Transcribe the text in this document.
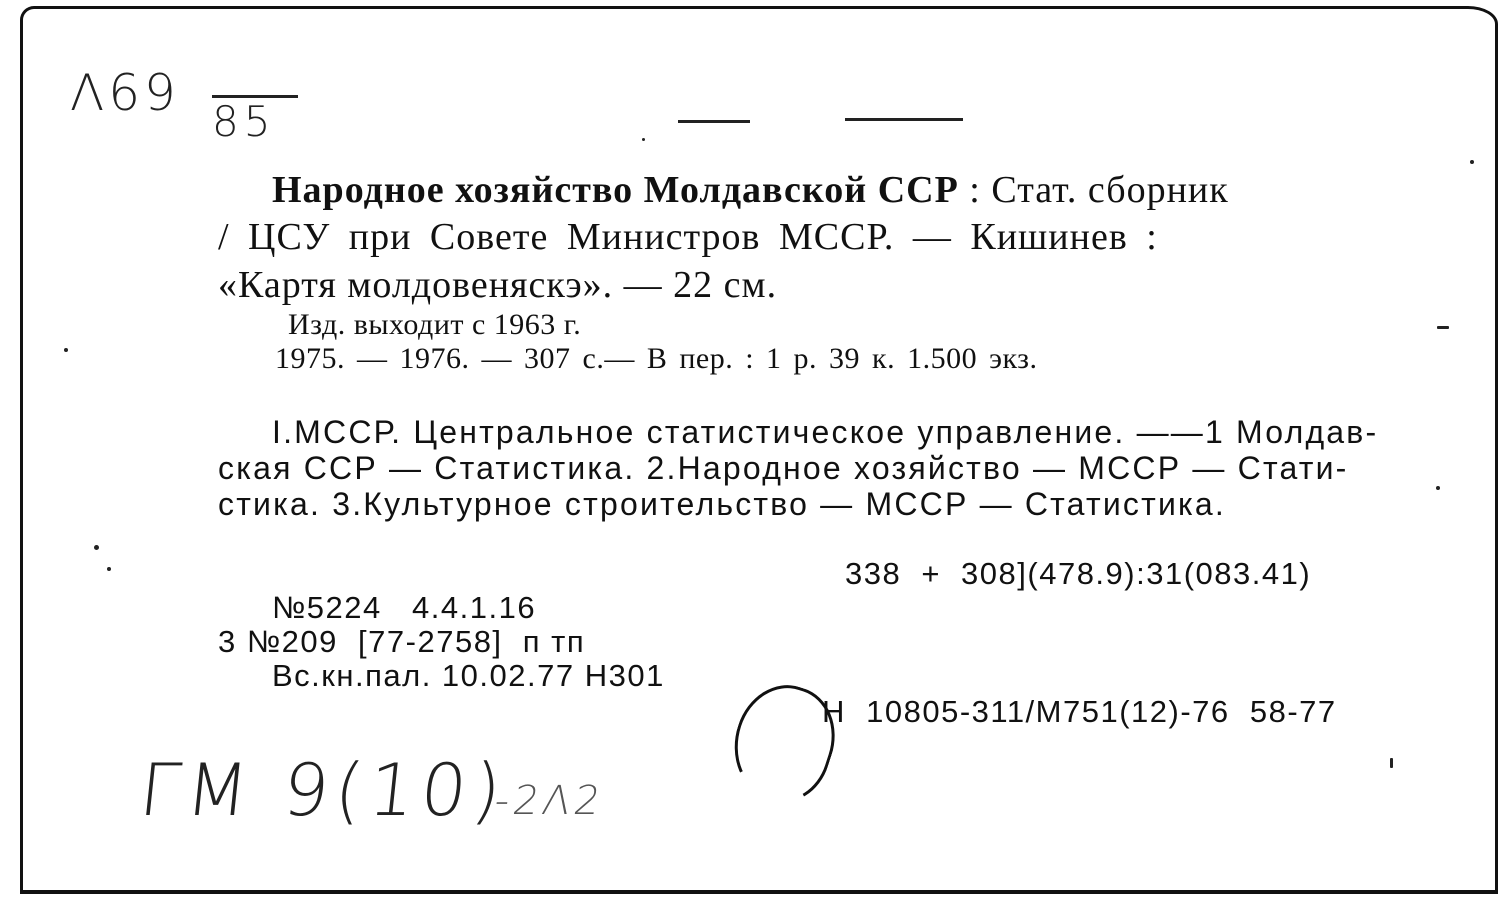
Λ69 85
Народное хозяйство Молдавской ССР : Стат. сборник
/ ЦСУ при Совете Министров МССР. — Кишинев :
«Картя молдовеняскэ». — 22 см.
Изд. выходит с 1963 г.
1975. — 1976. — 307 с.— В пер. : 1 р. 39 к. 1.500 экз.
I.МССР. Центральное статистическое управление. ——1 Молдав-
ская ССР — Статистика. 2.Народное хозяйство — МССР — Стати-
стика. 3.Культурное строительство — МССР — Статистика.
338 + 308](478.9):31(083.41)
№5224   4.4.1.16
3 №209  [77-2758]  п тп
Вс.кн.пал. 10.02.77 Н301
Н  10805-311/М751(12)-76  58-77
ГМ 9(10)
-2Λ2
